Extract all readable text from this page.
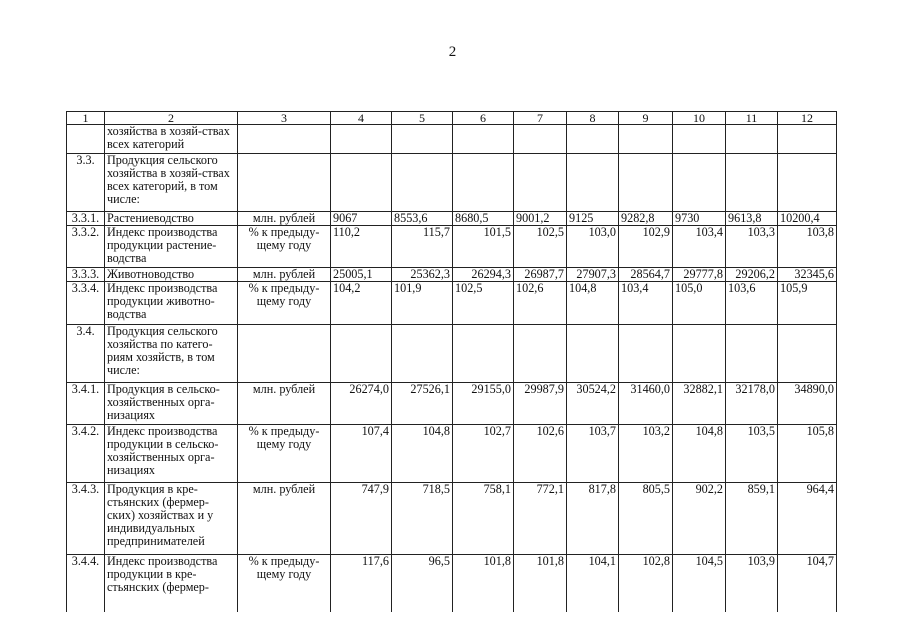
2
1	2	3	4	5	6	7	8	9	10	11	12
	хозяйства в хозяй-ствах всех категорий										
3.3.	Продукция сельского хозяйства в хозяй-ствах всех категорий, в том числе:										
3.3.1.	Растениеводство	млн. рублей	9067	8553,6	8680,5	9001,2	9125	9282,8	9730	9613,8	10200,4
3.3.2.	Индекс производства продукции растение-водства	% к предыду-щему году	110,2	115,7	101,5	102,5	103,0	102,9	103,4	103,3	103,8
3.3.3.	Животноводство	млн. рублей	25005,1	25362,3	26294,3	26987,7	27907,3	28564,7	29777,8	29206,2	32345,6
3.3.4.	Индекс производства продукции животно-водства	% к предыду-щему году	104,2	101,9	102,5	102,6	104,8	103,4	105,0	103,6	105,9
3.4.	Продукция сельского хозяйства по катего-риям хозяйств, в том числе:										
3.4.1.	Продукция в сельско-хозяйственных орга-низациях	млн. рублей	26274,0	27526,1	29155,0	29987,9	30524,2	31460,0	32882,1	32178,0	34890,0
3.4.2.	Индекс производства продукции в сельско-хозяйственных орга-низациях	% к предыду-щему году	107,4	104,8	102,7	102,6	103,7	103,2	104,8	103,5	105,8
3.4.3.	Продукция в кре-стьянских (фермер-ских) хозяйствах и у индивидуальных предпринимателей	млн. рублей	747,9	718,5	758,1	772,1	817,8	805,5	902,2	859,1	964,4
3.4.4.	Индекс производства продукции в кре-стьянских (фермер-	% к предыду-щему году	117,6	96,5	101,8	101,8	104,1	102,8	104,5	103,9	104,7
